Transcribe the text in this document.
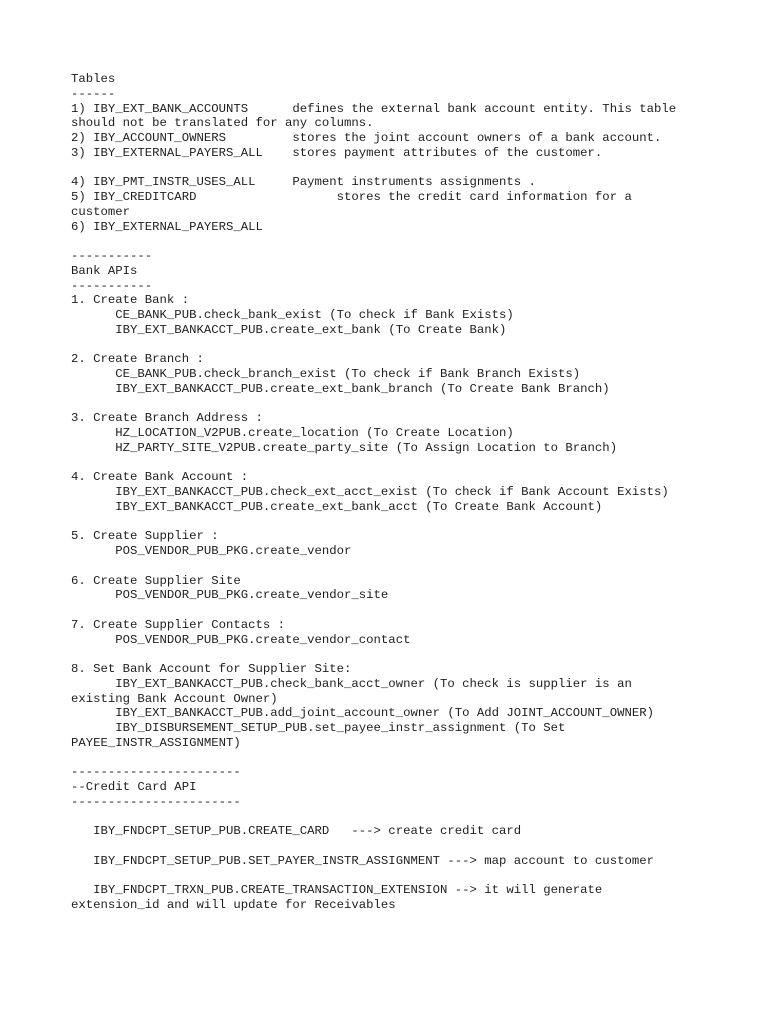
Tables
------
1) IBY_EXT_BANK_ACCOUNTS      defines the external bank account entity. This table
should not be translated for any columns.
2) IBY_ACCOUNT_OWNERS         stores the joint account owners of a bank account.
3) IBY_EXTERNAL_PAYERS_ALL    stores payment attributes of the customer.
4) IBY_PMT_INSTR_USES_ALL     Payment instruments assignments .
5) IBY_CREDITCARD                   stores the credit card information for a
customer
6) IBY_EXTERNAL_PAYERS_ALL
-----------
Bank APIs
-----------
1. Create Bank :
CE_BANK_PUB.check_bank_exist (To check if Bank Exists)
IBY_EXT_BANKACCT_PUB.create_ext_bank (To Create Bank)
2. Create Branch :
CE_BANK_PUB.check_branch_exist (To check if Bank Branch Exists)
IBY_EXT_BANKACCT_PUB.create_ext_bank_branch (To Create Bank Branch)
3. Create Branch Address :
HZ_LOCATION_V2PUB.create_location (To Create Location)
HZ_PARTY_SITE_V2PUB.create_party_site (To Assign Location to Branch)
4. Create Bank Account :
IBY_EXT_BANKACCT_PUB.check_ext_acct_exist (To check if Bank Account Exists)
IBY_EXT_BANKACCT_PUB.create_ext_bank_acct (To Create Bank Account)
5. Create Supplier :
POS_VENDOR_PUB_PKG.create_vendor
6. Create Supplier Site
POS_VENDOR_PUB_PKG.create_vendor_site
7. Create Supplier Contacts :
POS_VENDOR_PUB_PKG.create_vendor_contact
8. Set Bank Account for Supplier Site:
IBY_EXT_BANKACCT_PUB.check_bank_acct_owner (To check is supplier is an
existing Bank Account Owner)
IBY_EXT_BANKACCT_PUB.add_joint_account_owner (To Add JOINT_ACCOUNT_OWNER)
IBY_DISBURSEMENT_SETUP_PUB.set_payee_instr_assignment (To Set
PAYEE_INSTR_ASSIGNMENT)
-----------------------
--Credit Card API
-----------------------
IBY_FNDCPT_SETUP_PUB.CREATE_CARD   ---> create credit card
IBY_FNDCPT_SETUP_PUB.SET_PAYER_INSTR_ASSIGNMENT ---> map account to customer
IBY_FNDCPT_TRXN_PUB.CREATE_TRANSACTION_EXTENSION --> it will generate
extension_id and will update for Receivables
